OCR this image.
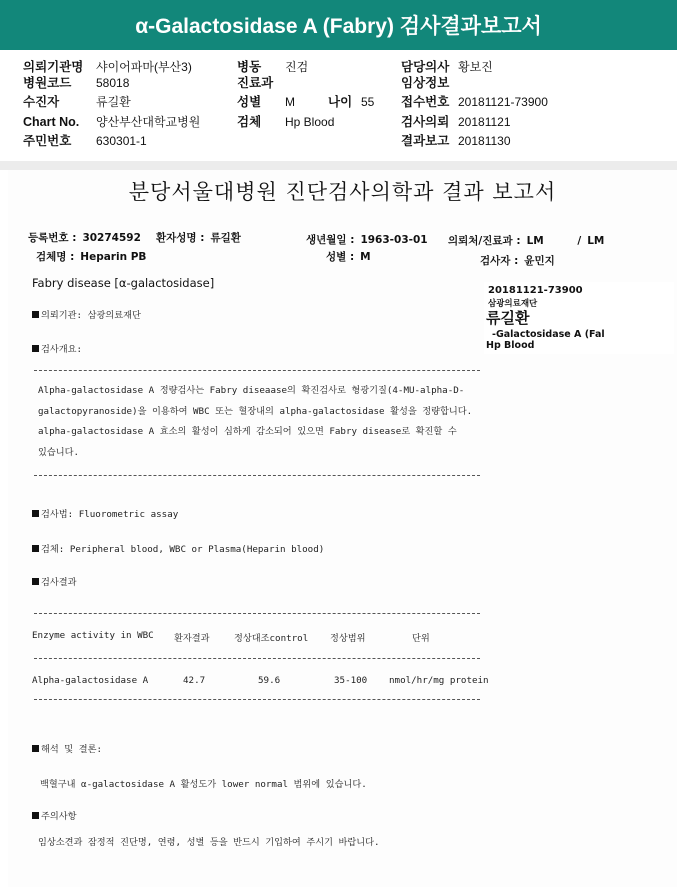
α-Galactosidase A (Fabry) 검사결과보고서
의뢰기관명 샤이어파마(부산3)	병동 진검	담당의사 황보진
병원코드 58018	진료과	임상정보
수진자	류길환	성별 M	나이 55 접수번호 20181121-73900
Chart No. 양산부산대학교병원	검체 Hp Blood	검사의뢰 20181121
주민번호 630301-1	결과보고 20181130
분당서울대병원 진단검사의학과 결과 보고서
등록번호 : 30274592 환자성명 : 류길환	생년월일 : 1963-03-01 의뢰처/진료과 : LM	/ LM
검체명 : Heparin PB	성별 : M	검사자 : 윤민지
Fabry disease [α-galactosidase]
의뢰기관: 삼광의료재단
검사개요:
Alpha-galactosidase A 정량검사는 Fabry diseaase의 확진검사로 형광기질(4-MU-alpha-D-
galactopyranoside)을 이용하여 WBC 또는 혈장내의 alpha-galactosidase 활성을 정량합니다.
alpha-galactosidase A 효소의 활성이 심하게 감소되어 있으면 Fabry disease로 확진할 수
있습니다.
검사법: Fluorometric assay
검체: Peripheral blood, WBC or Plasma(Heparin blood)
검사결과
Enzyme activity in WBC 환자결과	정상대조control 정상범위	단위
Alpha-galactosidase A	42.7	59.6	35-100 nmol/hr/mg protein
해석 및 결론:
백혈구내 α-galactosidase A 활성도가 lower normal 범위에 있습니다.
주의사항
임상소견과 잠정적 진단명, 연령, 성별 등을 반드시 기입하여 주시기 바랍니다.
20181121-73900
삼광의료재단
류길환
-Galactosidase A (Fal
Hp Blood
